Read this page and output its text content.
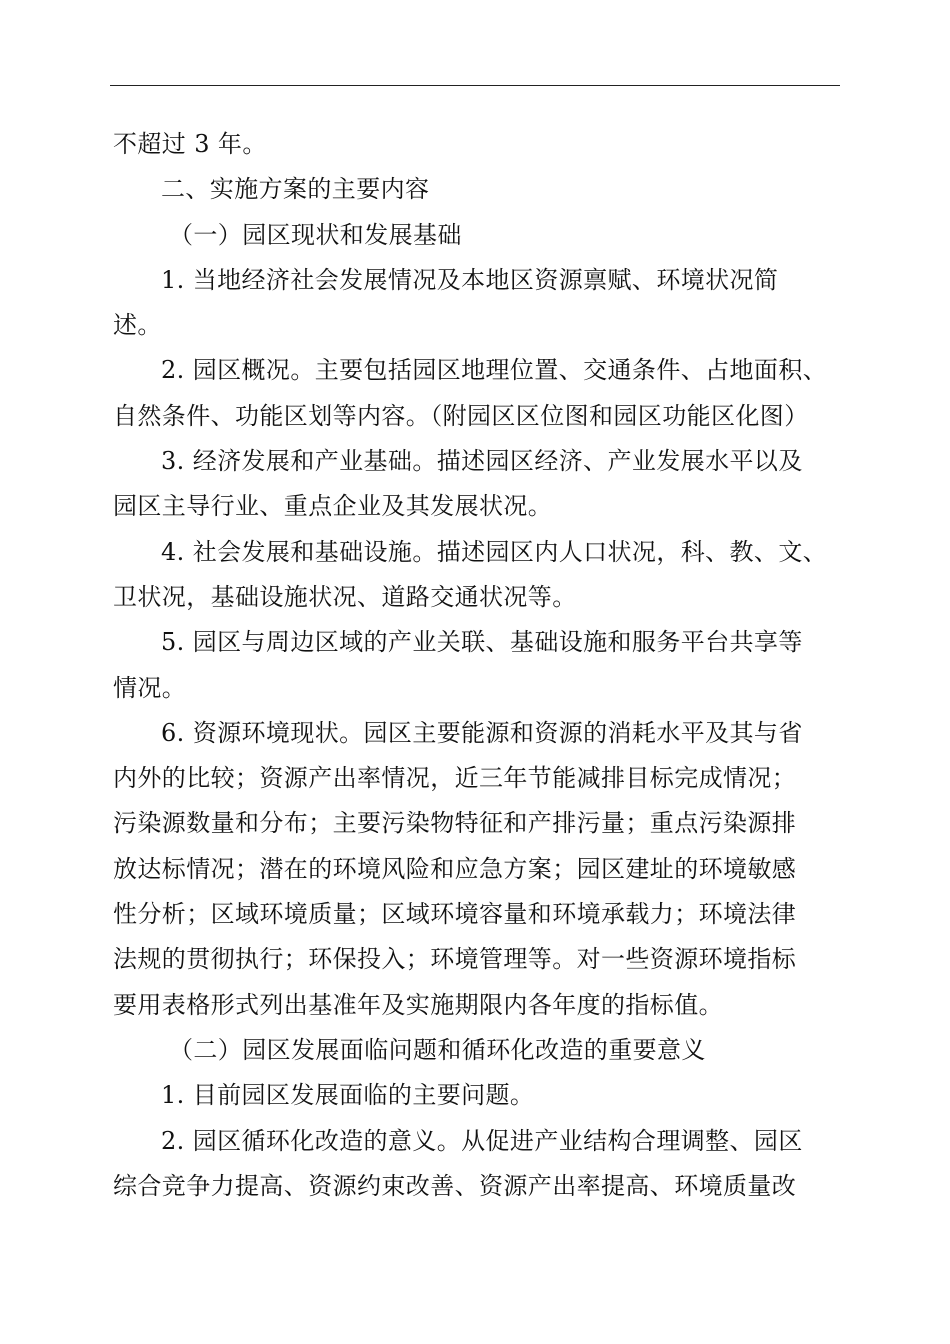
不超过 3 年。
二、实施方案的主要内容
（一）园区现状和发展基础
1. 当地经济社会发展情况及本地区资源禀赋、环境状况简
述。
2. 园区概况。主要包括园区地理位置、交通条件、占地面积、
自然条件、功能区划等内容。（附园区区位图和园区功能区化图）
3. 经济发展和产业基础。描述园区经济、产业发展水平以及
园区主导行业、重点企业及其发展状况。
4. 社会发展和基础设施。描述园区内人口状况，科、教、文、
卫状况，基础设施状况、道路交通状况等。
5. 园区与周边区域的产业关联、基础设施和服务平台共享等
情况。
6. 资源环境现状。园区主要能源和资源的消耗水平及其与省
内外的比较；资源产出率情况，近三年节能减排目标完成情况；
污染源数量和分布；主要污染物特征和产排污量；重点污染源排
放达标情况；潜在的环境风险和应急方案；园区建址的环境敏感
性分析；区域环境质量；区域环境容量和环境承载力；环境法律
法规的贯彻执行；环保投入；环境管理等。对一些资源环境指标
要用表格形式列出基准年及实施期限内各年度的指标值。
（二）园区发展面临问题和循环化改造的重要意义
1. 目前园区发展面临的主要问题。
2. 园区循环化改造的意义。从促进产业结构合理调整、园区
综合竞争力提高、资源约束改善、资源产出率提高、环境质量改
